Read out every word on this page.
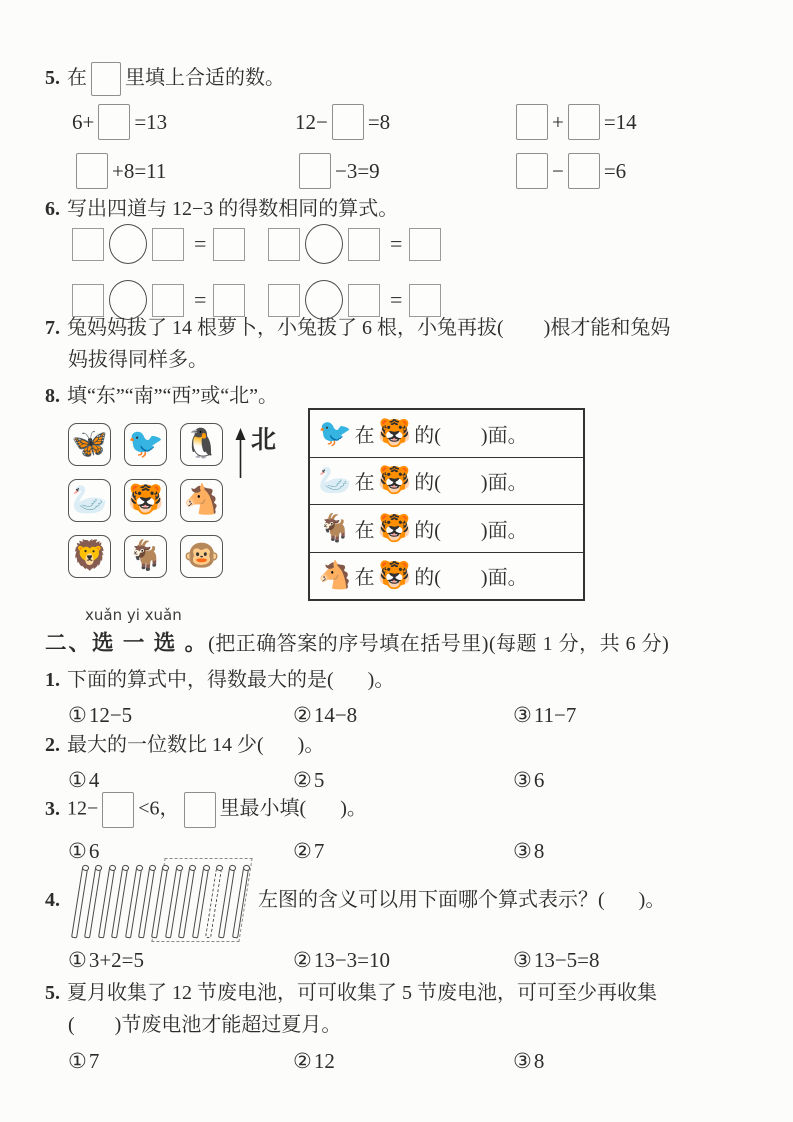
5. 在 里填上合适的数。
6+ =13	12− =8	+ =14
+8=11	−3=9	− =6
6. 写出四道与 12−3 的得数相同的算式。
=	=
=	=
7. 兔妈妈拔了 14 根萝卜，小兔拔了 6 根，小兔再拔( )根才能和兔妈
妈拔得同样多。
8. 填“东”“南”“西”或“北”。
🦋 🐦 🐧
🦢 🐯 🐴
🦁 🐐 🐵
北 🐦 在 🐯 的( )面。
🦢 在 🐯 的( )面。
🐐 在 🐯 的( )面。
🐴 在 🐯 的( )面。
xuǎn yi xuǎn
二、选 一 选 。(把正确答案的序号填在括号里)(每题 1 分，共 6 分)
1. 下面的算式中，得数最大的是( )。
①12−5	②14−8	③11−7
2. 最大的一位数比 14 少( )。
①4	②5	③6
3. 12− <6， 里最小填( )。
①6	②7	③8
4.	左图的含义可以用下面哪个算式表示？( )。
①3+2=5	②13−3=10	③13−5=8
5. 夏月收集了 12 节废电池，可可收集了 5 节废电池，可可至少再收集
( )节废电池才能超过夏月。
①7	②12	③8
